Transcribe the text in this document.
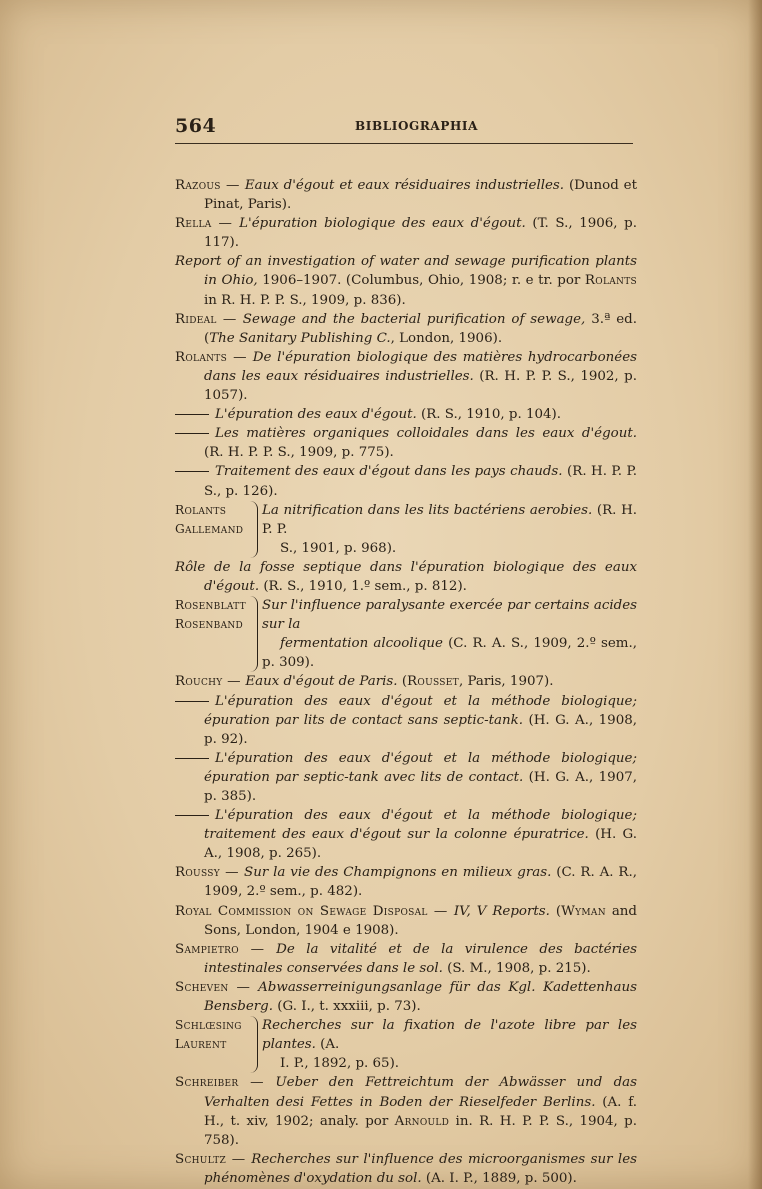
564	BIBLIOGRAPHIA

Razous — Eaux d'égout et eaux résiduaires industrielles. (Dunod et Pinat, Paris).

Rella — L'épuration biologique des eaux d'égout. (T. S., 1906, p. 117).

Report of an investigation of water and sewage purification plants in Ohio, 1906–1907. (Columbus, Ohio, 1908; r. e tr. por Rolants in R. H. P. P. S., 1909, p. 836).

Rideal — Sewage and the bacterial purification of sewage, 3.ª ed. (The Sanitary Publishing C., London, 1906).

Rolants — De l'épuration biologique des matières hydrocarbonées dans les eaux résiduaires industrielles. (R. H. P. P. S., 1902, p. 1057).

L'épuration des eaux d'égout. (R. S., 1910, p. 104).

Les matières organiques colloidales dans les eaux d'égout. (R. H. P. P. S., 1909, p. 775).

Traitement des eaux d'égout dans les pays chauds. (R. H. P. P. S., p. 126).

Rolants
Gallemand
La nitrification dans les lits bactériens aerobies. (R. H. P. P.
S., 1901, p. 968).

Rôle de la fosse septique dans l'épuration biologique des eaux d'égout. (R. S., 1910, 1.º sem., p. 812).

Rosenblatt
Rosenband
Sur l'influence paralysante exercée par certains acides sur la
fermentation alcoolique (C. R. A. S., 1909, 2.º sem., p. 309).

Rouchy — Eaux d'égout de Paris. (Rousset, Paris, 1907).

L'épuration des eaux d'égout et la méthode biologique; épuration par lits de contact sans septic-tank. (H. G. A., 1908, p. 92).

L'épuration des eaux d'égout et la méthode biologique; épuration par septic-tank avec lits de contact. (H. G. A., 1907, p. 385).

L'épuration des eaux d'égout et la méthode biologique; traitement des eaux d'égout sur la colonne épuratrice. (H. G. A., 1908, p. 265).

Roussy — Sur la vie des Champignons en milieux gras. (C. R. A. R., 1909, 2.º sem., p. 482).

Royal Commission on Sewage Disposal — IV, V Reports. (Wyman and Sons, London, 1904 e 1908).

Sampietro — De la vitalité et de la virulence des bactéries intestinales conservées dans le sol. (S. M., 1908, p. 215).

Scheven — Abwasserreinigungsanlage für das Kgl. Kadettenhaus Bensberg. (G. I., t. xxxiii, p. 73).

Schlœsing
Laurent
Recherches sur la fixation de l'azote libre par les plantes. (A.
I. P., 1892, p. 65).

Schreiber — Ueber den Fettreichtum der Abwässer und das Verhalten desi Fettes in Boden der Rieselfeder Berlins. (A. f. H., t. xiv, 1902; analy. por Arnould in. R. H. P. P. S., 1904, p. 758).

Schultz — Recherches sur l'influence des microorganismes sur les phénomènes d'oxydation du sol. (A. I. P., 1889, p. 500).
